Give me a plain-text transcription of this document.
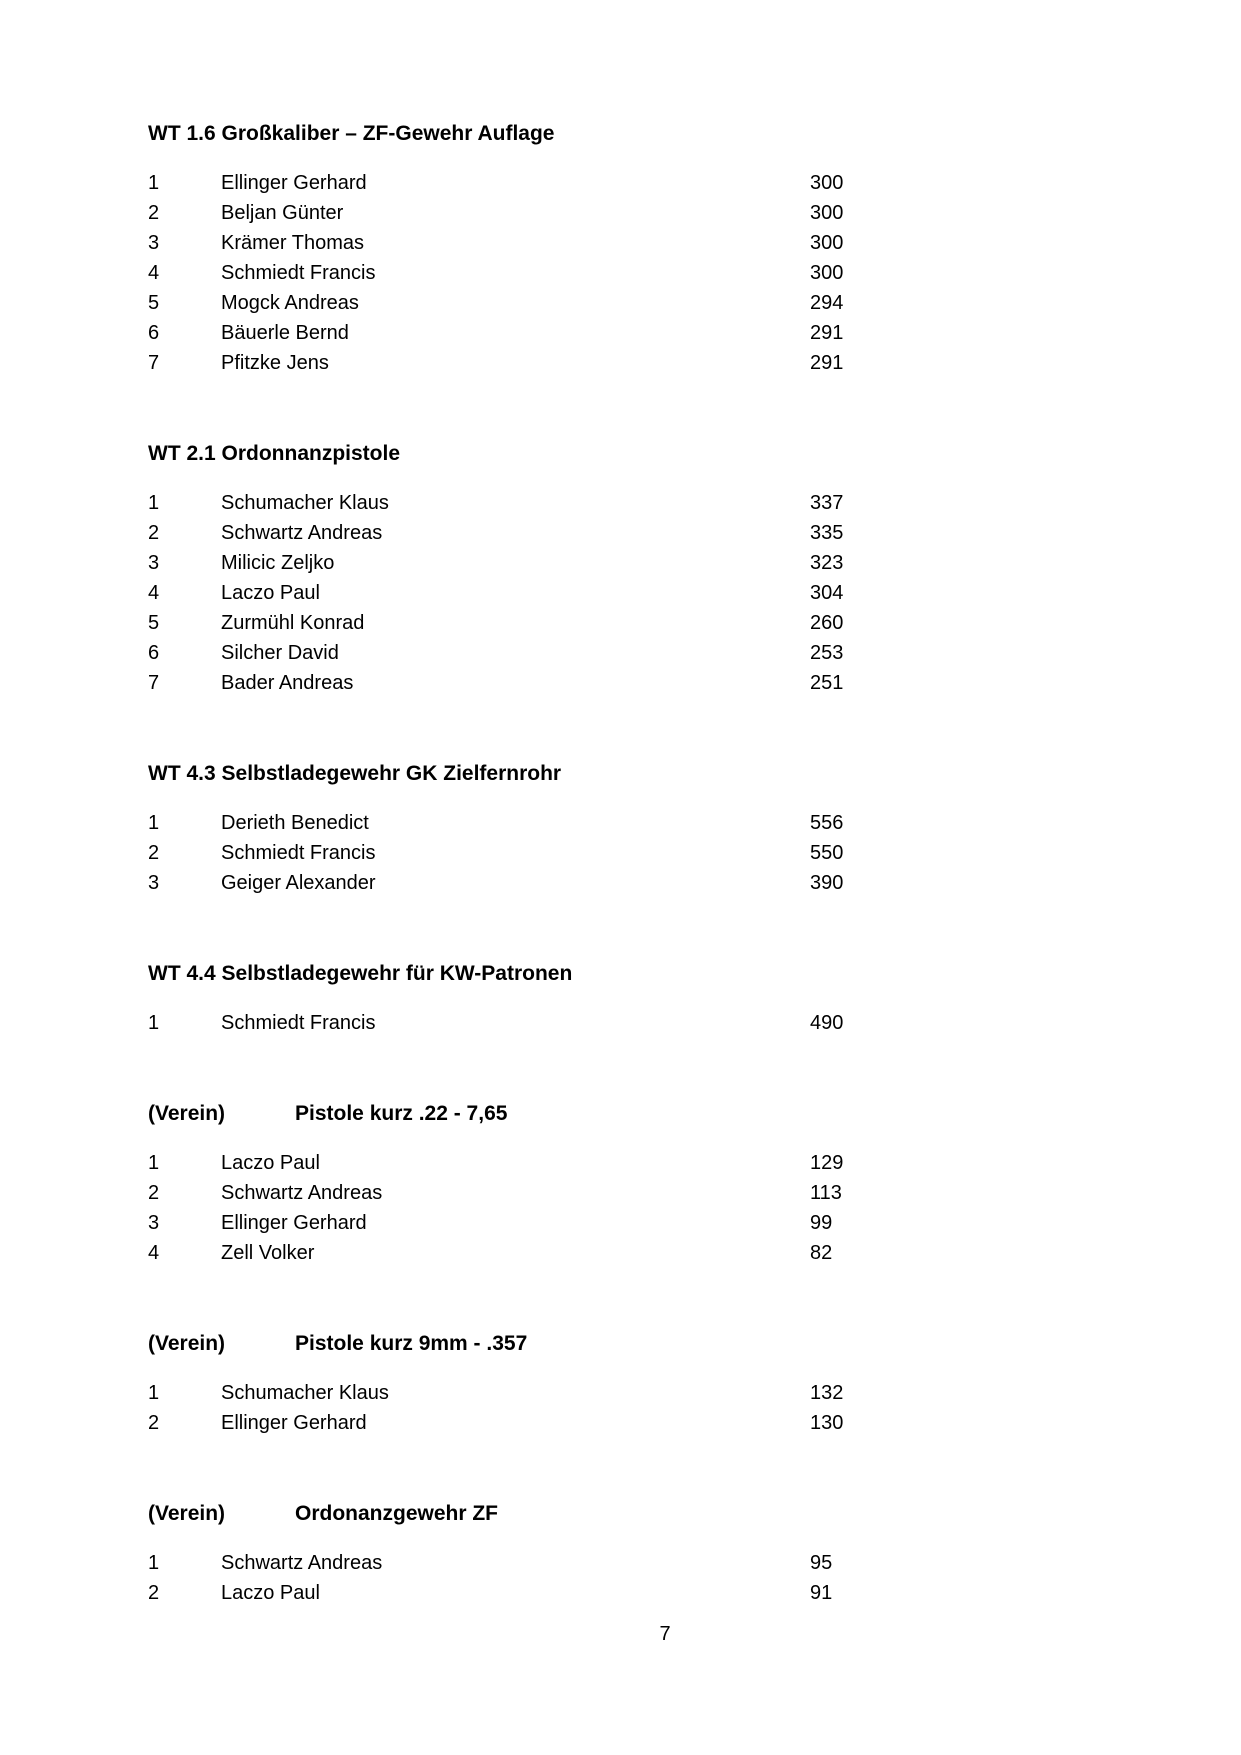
WT 1.6 Großkaliber – ZF-Gewehr Auflage
1	Ellinger Gerhard	300
2	Beljan Günter	300
3	Krämer Thomas	300
4	Schmiedt Francis	300
5	Mogck Andreas	294
6	Bäuerle Bernd	291
7	Pfitzke Jens	291
WT 2.1 Ordonnanzpistole
1	Schumacher Klaus	337
2	Schwartz Andreas	335
3	Milicic Zeljko	323
4	Laczo Paul	304
5	Zurmühl Konrad	260
6	Silcher David	253
7	Bader Andreas	251
WT 4.3 Selbstladegewehr GK Zielfernrohr
1	Derieth Benedict	556
2	Schmiedt Francis	550
3	Geiger Alexander	390
WT 4.4 Selbstladegewehr für KW-Patronen
1	Schmiedt Francis	490
(Verein)	Pistole kurz .22 - 7,65
1	Laczo Paul	129
2	Schwartz Andreas	113
3	Ellinger Gerhard	99
4	Zell Volker	82
(Verein)	Pistole kurz 9mm - .357
1	Schumacher Klaus	132
2	Ellinger Gerhard	130
(Verein)	Ordonanzgewehr ZF
1	Schwartz Andreas	95
2	Laczo Paul	91
7
